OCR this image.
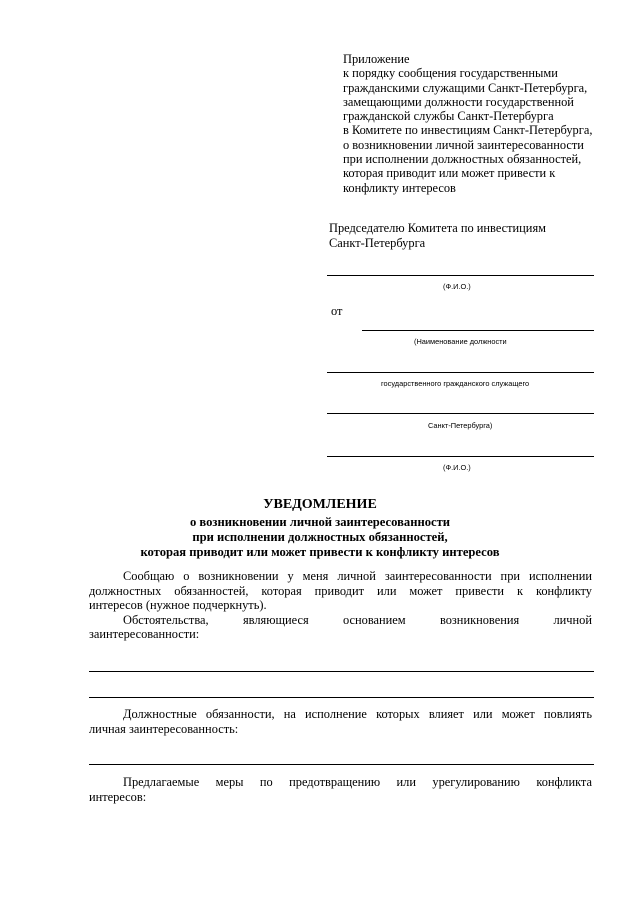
Приложение
к порядку сообщения государственными
гражданскими служащими Санкт-Петербурга,
замещающими должности государственной
гражданской службы Санкт-Петербурга
в Комитете по инвестициям Санкт-Петербурга,
о возникновении личной заинтересованности
при исполнении должностных обязанностей,
которая приводит или может привести к
конфликту интересов
Председателю Комитета по инвестициям
Санкт-Петербурга
(Ф.И.О.)
от
(Наименование должности
государственного гражданского служащего
Санкт-Петербурга)
(Ф.И.О.)
УВЕДОМЛЕНИЕ
о возникновении личной заинтересованности
при исполнении должностных обязанностей,
которая приводит или может привести к конфликту интересов
Сообщаю о возникновении у меня личной заинтересованности при исполнении
должностных обязанностей, которая приводит или может привести к конфликту
интересов (нужное подчеркнуть).
Обстоятельства, являющиеся основанием возникновения личной
заинтересованности:
Должностные обязанности, на исполнение которых влияет или может повлиять
личная заинтересованность:
Предлагаемые меры по предотвращению или урегулированию конфликта
интересов:
